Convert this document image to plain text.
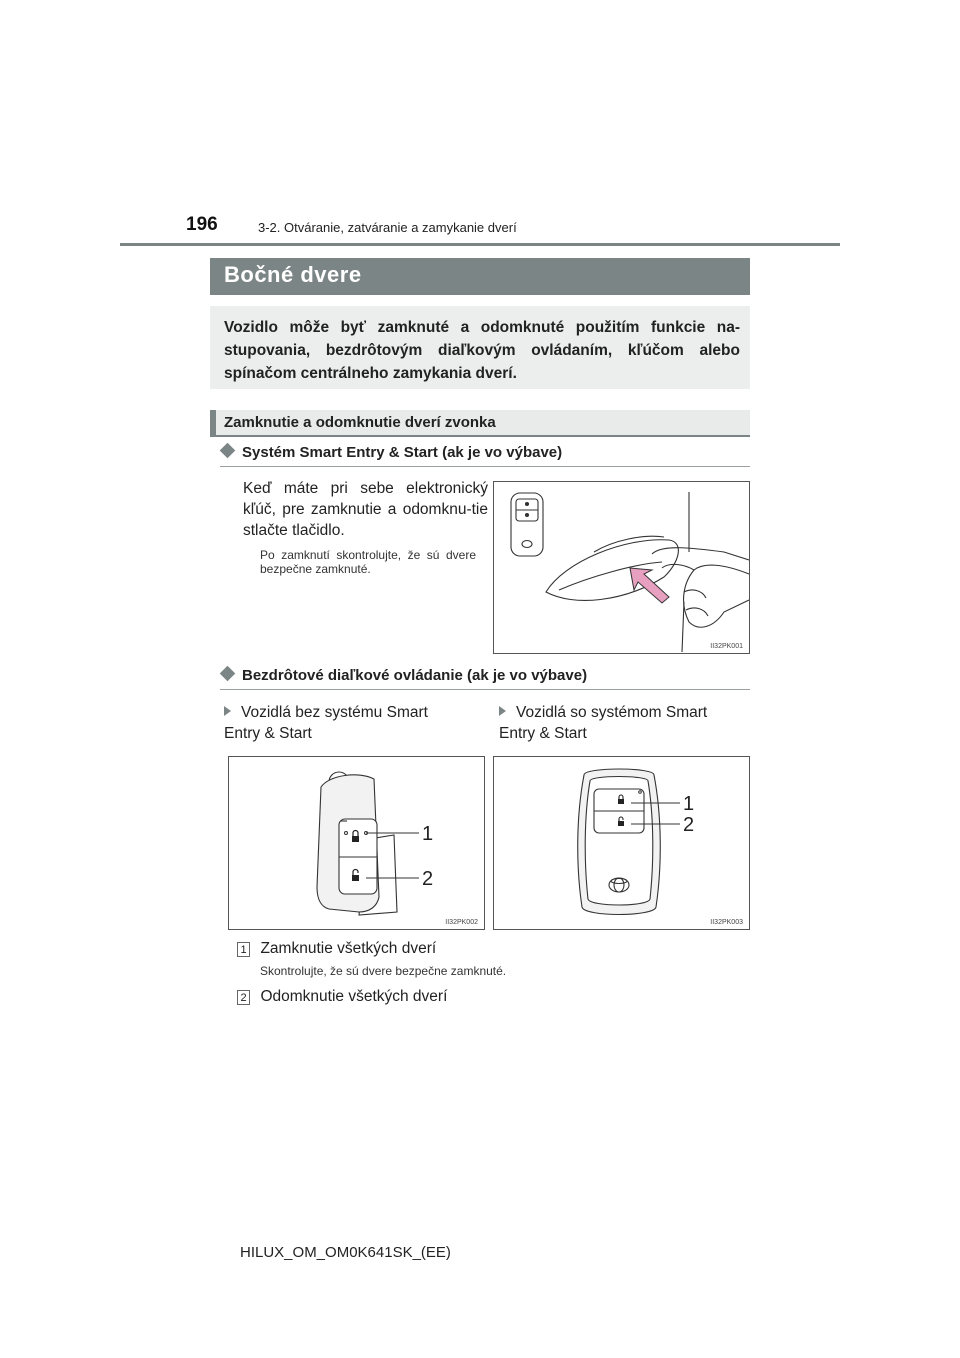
196	3-2. Otváranie, zatváranie a zamykanie dverí
Bočné dvere
Vozidlo môže byť zamknuté a odomknuté použitím funkcie na-stupovania, bezdrôtovým diaľkovým ovládaním, kľúčom alebo spínačom centrálneho zamykania dverí.
Zamknutie a odomknutie dverí zvonka
Systém Smart Entry & Start (ak je vo výbave)
Keď máte pri sebe elektronický kľúč, pre zamknutie a odomknu-tie stlačte tlačidlo.
Po zamknutí skontrolujte, že sú dvere bezpečne zamknuté.
II32PK001
Bezdrôtové diaľkové ovládanie (ak je vo výbave)
Vozidlá bez systému Smart Entry & Start
Vozidlá so systémom Smart Entry & Start
1
2
II32PK002
1
2
II32PK003
1 Zamknutie všetkých dverí
Skontrolujte, že sú dvere bezpečne zamknuté.
2 Odomknutie všetkých dverí
HILUX_OM_OM0K641SK_(EE)
